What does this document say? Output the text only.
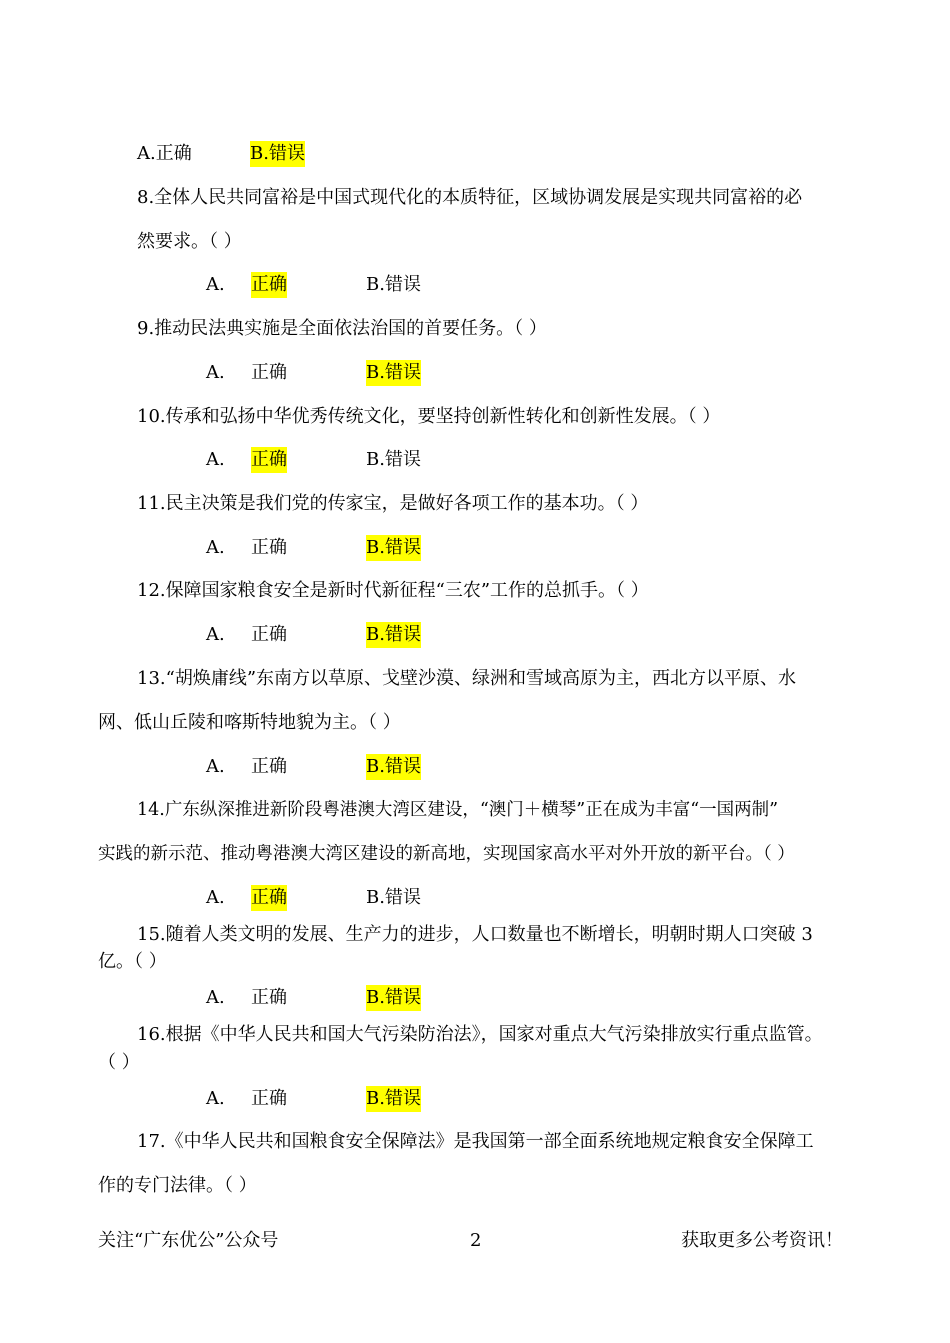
A.正确	B.错误
8.全体人民共同富裕是中国式现代化的本质特征，区域协调发展是实现共同富裕的必
然要求。（ ）
A. 正确	B.错误
9.推动民法典实施是全面依法治国的首要任务。（ ）
A. 正确	B.错误
10.传承和弘扬中华优秀传统文化，要坚持创新性转化和创新性发展。（ ）
A. 正确	B.错误
11.民主决策是我们党的传家宝，是做好各项工作的基本功。（ ）
A. 正确	B.错误
12.保障国家粮食安全是新时代新征程“三农”工作的总抓手。（ ）
A. 正确	B.错误
13.“胡焕庸线”东南方以草原、戈壁沙漠、绿洲和雪域高原为主，西北方以平原、水
网、低山丘陵和喀斯特地貌为主。（ ）
A. 正确	B.错误
14.广东纵深推进新阶段粤港澳大湾区建设，“澳门＋横琴”正在成为丰富“一国两制”
实践的新示范、推动粤港澳大湾区建设的新高地，实现国家高水平对外开放的新平台。（ ）
A. 正确	B.错误
15.随着人类文明的发展、生产力的进步，人口数量也不断增长，明朝时期人口突破 3
亿。（ ）
A. 正确	B.错误
16.根据《中华人民共和国大气污染防治法》，国家对重点大气污染排放实行重点监管。
（ ）
A. 正确	B.错误
17.《中华人民共和国粮食安全保障法》是我国第一部全面系统地规定粮食安全保障工
作的专门法律。（ ）
关注“广东优公”公众号	2	获取更多公考资讯！
